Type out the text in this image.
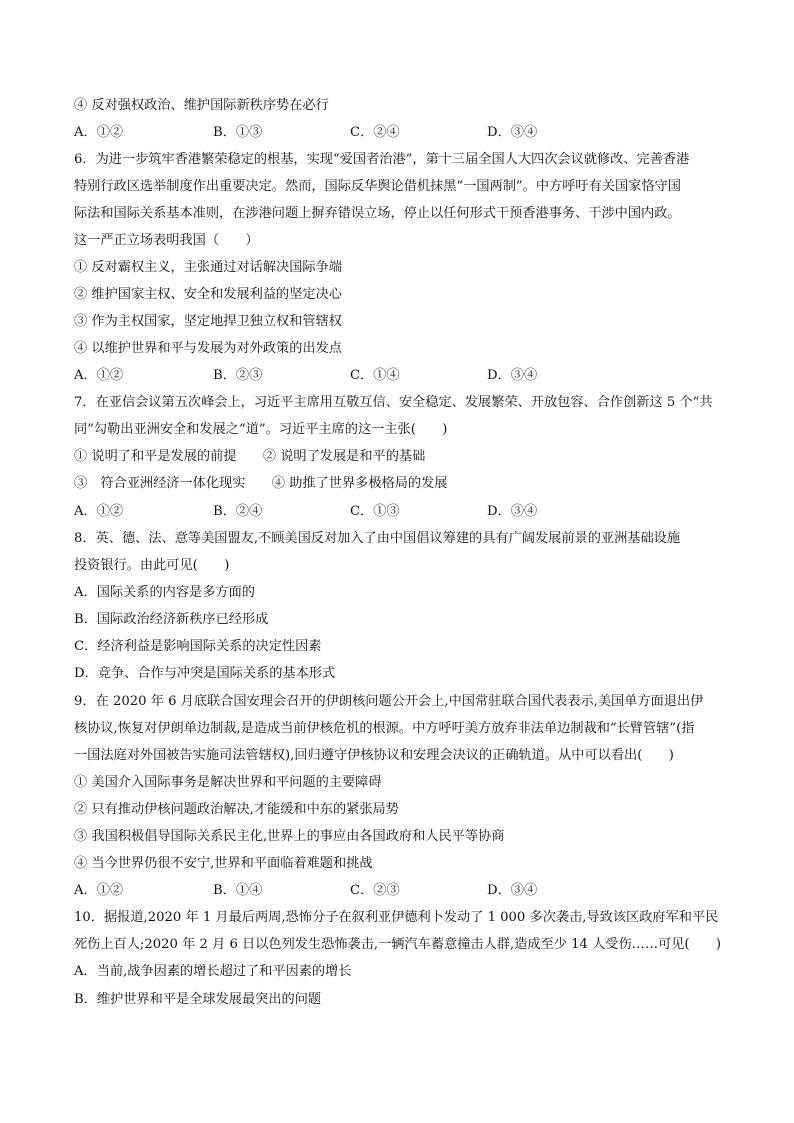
④ 反对强权政治、维护国际新秩序势在必行
A．①②	B．①③	C．②④	D．③④
6．为进一步筑牢香港繁荣稳定的根基，实现“爱国者治港”，第十三届全国人大四次会议就修改、完善香港
特别行政区选举制度作出重要决定。然而，国际反华舆论借机抹黑“一国两制”。中方呼吁有关国家恪守国
际法和国际关系基本准则，在涉港问题上摒弃错误立场，停止以任何形式干预香港事务、干涉中国内政。
这一严正立场表明我国（　　）
① 反对霸权主义，主张通过对话解决国际争端
② 维护国家主权、安全和发展利益的坚定决心
③ 作为主权国家，坚定地捍卫独立权和管辖权
④ 以维护世界和平与发展为对外政策的出发点
A．①②	B．②③	C．①④	D．③④
7．在亚信会议第五次峰会上，习近平主席用互敬互信、安全稳定、发展繁荣、开放包容、合作创新这 5 个“共
同”勾勒出亚洲安全和发展之“道”。习近平主席的这一主张(　　)
① 说明了和平是发展的前提　　② 说明了发展是和平的基础
③　符合亚洲经济一体化现实　　④ 助推了世界多极格局的发展
A．①②	B．②④	C．①③	D．③④
8．英、德、法、意等美国盟友,不顾美国反对加入了由中国倡议筹建的具有广阔发展前景的亚洲基础设施
投资银行。由此可见(　　)
A．国际关系的内容是多方面的
B．国际政治经济新秩序已经形成
C．经济利益是影响国际关系的决定性因素
D．竞争、合作与冲突是国际关系的基本形式
9．在 2020 年 6 月底联合国安理会召开的伊朗核问题公开会上,中国常驻联合国代表表示,美国单方面退出伊
核协议,恢复对伊朗单边制裁,是造成当前伊核危机的根源。中方呼吁美方放弃非法单边制裁和“长臂管辖”(指
一国法庭对外国被告实施司法管辖权),回归遵守伊核协议和安理会决议的正确轨道。从中可以看出(　　)
① 美国介入国际事务是解决世界和平问题的主要障碍
② 只有推动伊核问题政治解决,才能缓和中东的紧张局势
③ 我国积极倡导国际关系民主化,世界上的事应由各国政府和人民平等协商
④ 当今世界仍很不安宁,世界和平面临着难题和挑战
A．①②	B．①④	C．②③	D．③④
10．据报道,2020 年 1 月最后两周,恐怖分子在叙利亚伊德利卜发动了 1 000 多次袭击,导致该区政府军和平民
死伤上百人;2020 年 2 月 6 日以色列发生恐怖袭击,一辆汽车蓄意撞击人群,造成至少 14 人受伤……可见(　　)
A．当前,战争因素的增长超过了和平因素的增长
B．维护世界和平是全球发展最突出的问题
